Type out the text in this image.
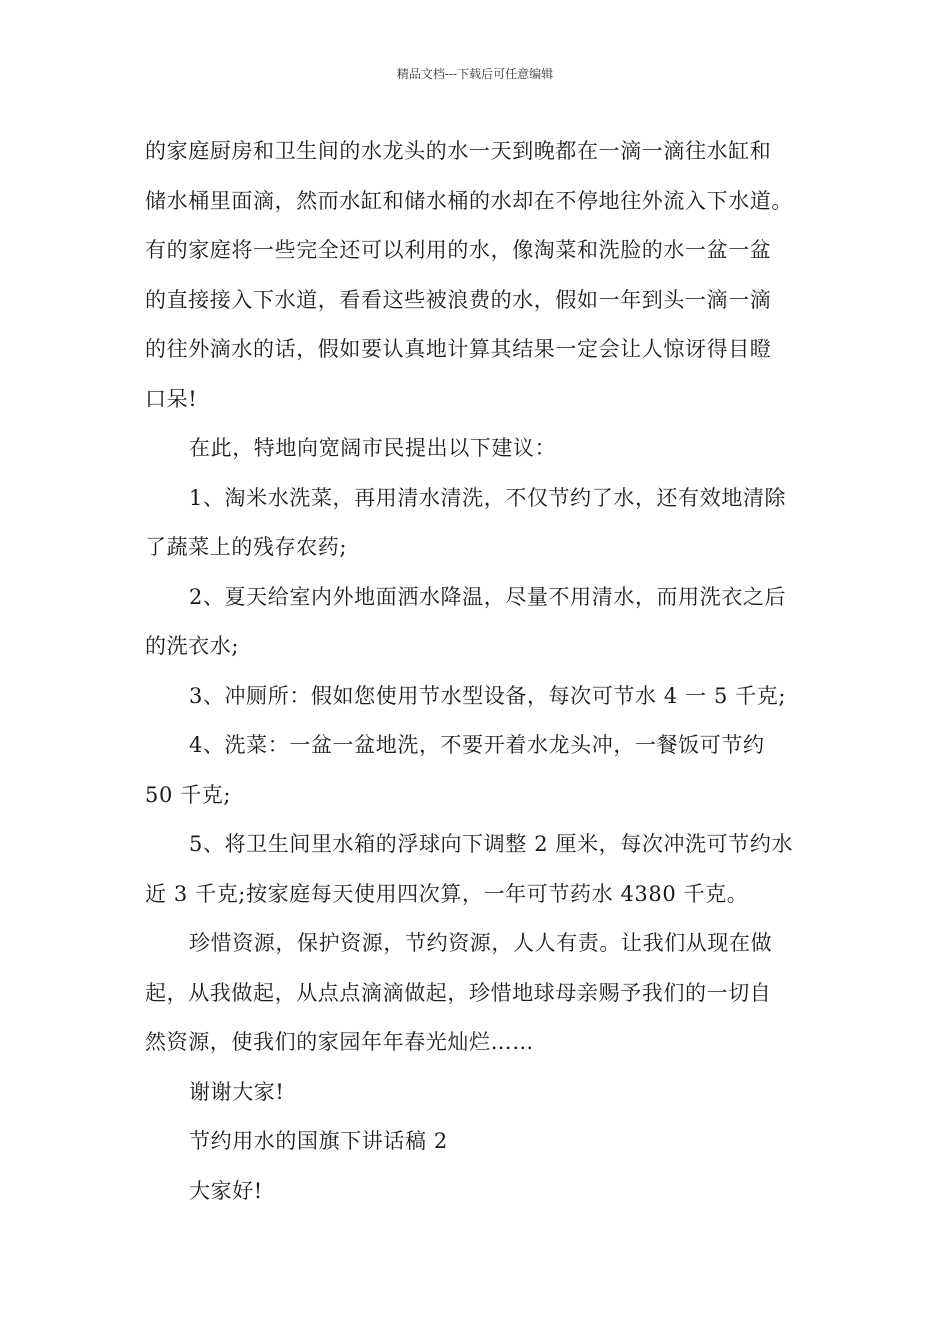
精品文档---下载后可任意编辑
的家庭厨房和卫生间的水龙头的水一天到晚都在一滴一滴往水缸和
储水桶里面滴，然而水缸和储水桶的水却在不停地往外流入下水道。
有的家庭将一些完全还可以利用的水，像淘菜和洗脸的水一盆一盆
的直接接入下水道，看看这些被浪费的水，假如一年到头一滴一滴
的往外滴水的话，假如要认真地计算其结果一定会让人惊讶得目瞪
口呆!
在此，特地向宽阔市民提出以下建议：
1、淘米水洗菜，再用清水清洗，不仅节约了水，还有效地清除
了蔬菜上的残存农药;
2、夏天给室内外地面洒水降温，尽量不用清水，而用洗衣之后
的洗衣水;
3、冲厕所：假如您使用节水型设备，每次可节水 4 一 5 千克;
4、洗菜：一盆一盆地洗，不要开着水龙头冲，一餐饭可节约
50 千克;
5、将卫生间里水箱的浮球向下调整 2 厘米，每次冲洗可节约水
近 3 千克;按家庭每天使用四次算，一年可节药水 4380 千克。
珍惜资源，保护资源，节约资源，人人有责。让我们从现在做
起，从我做起，从点点滴滴做起，珍惜地球母亲赐予我们的一切自
然资源，使我们的家园年年春光灿烂……
谢谢大家!
节约用水的国旗下讲话稿 2
大家好!
